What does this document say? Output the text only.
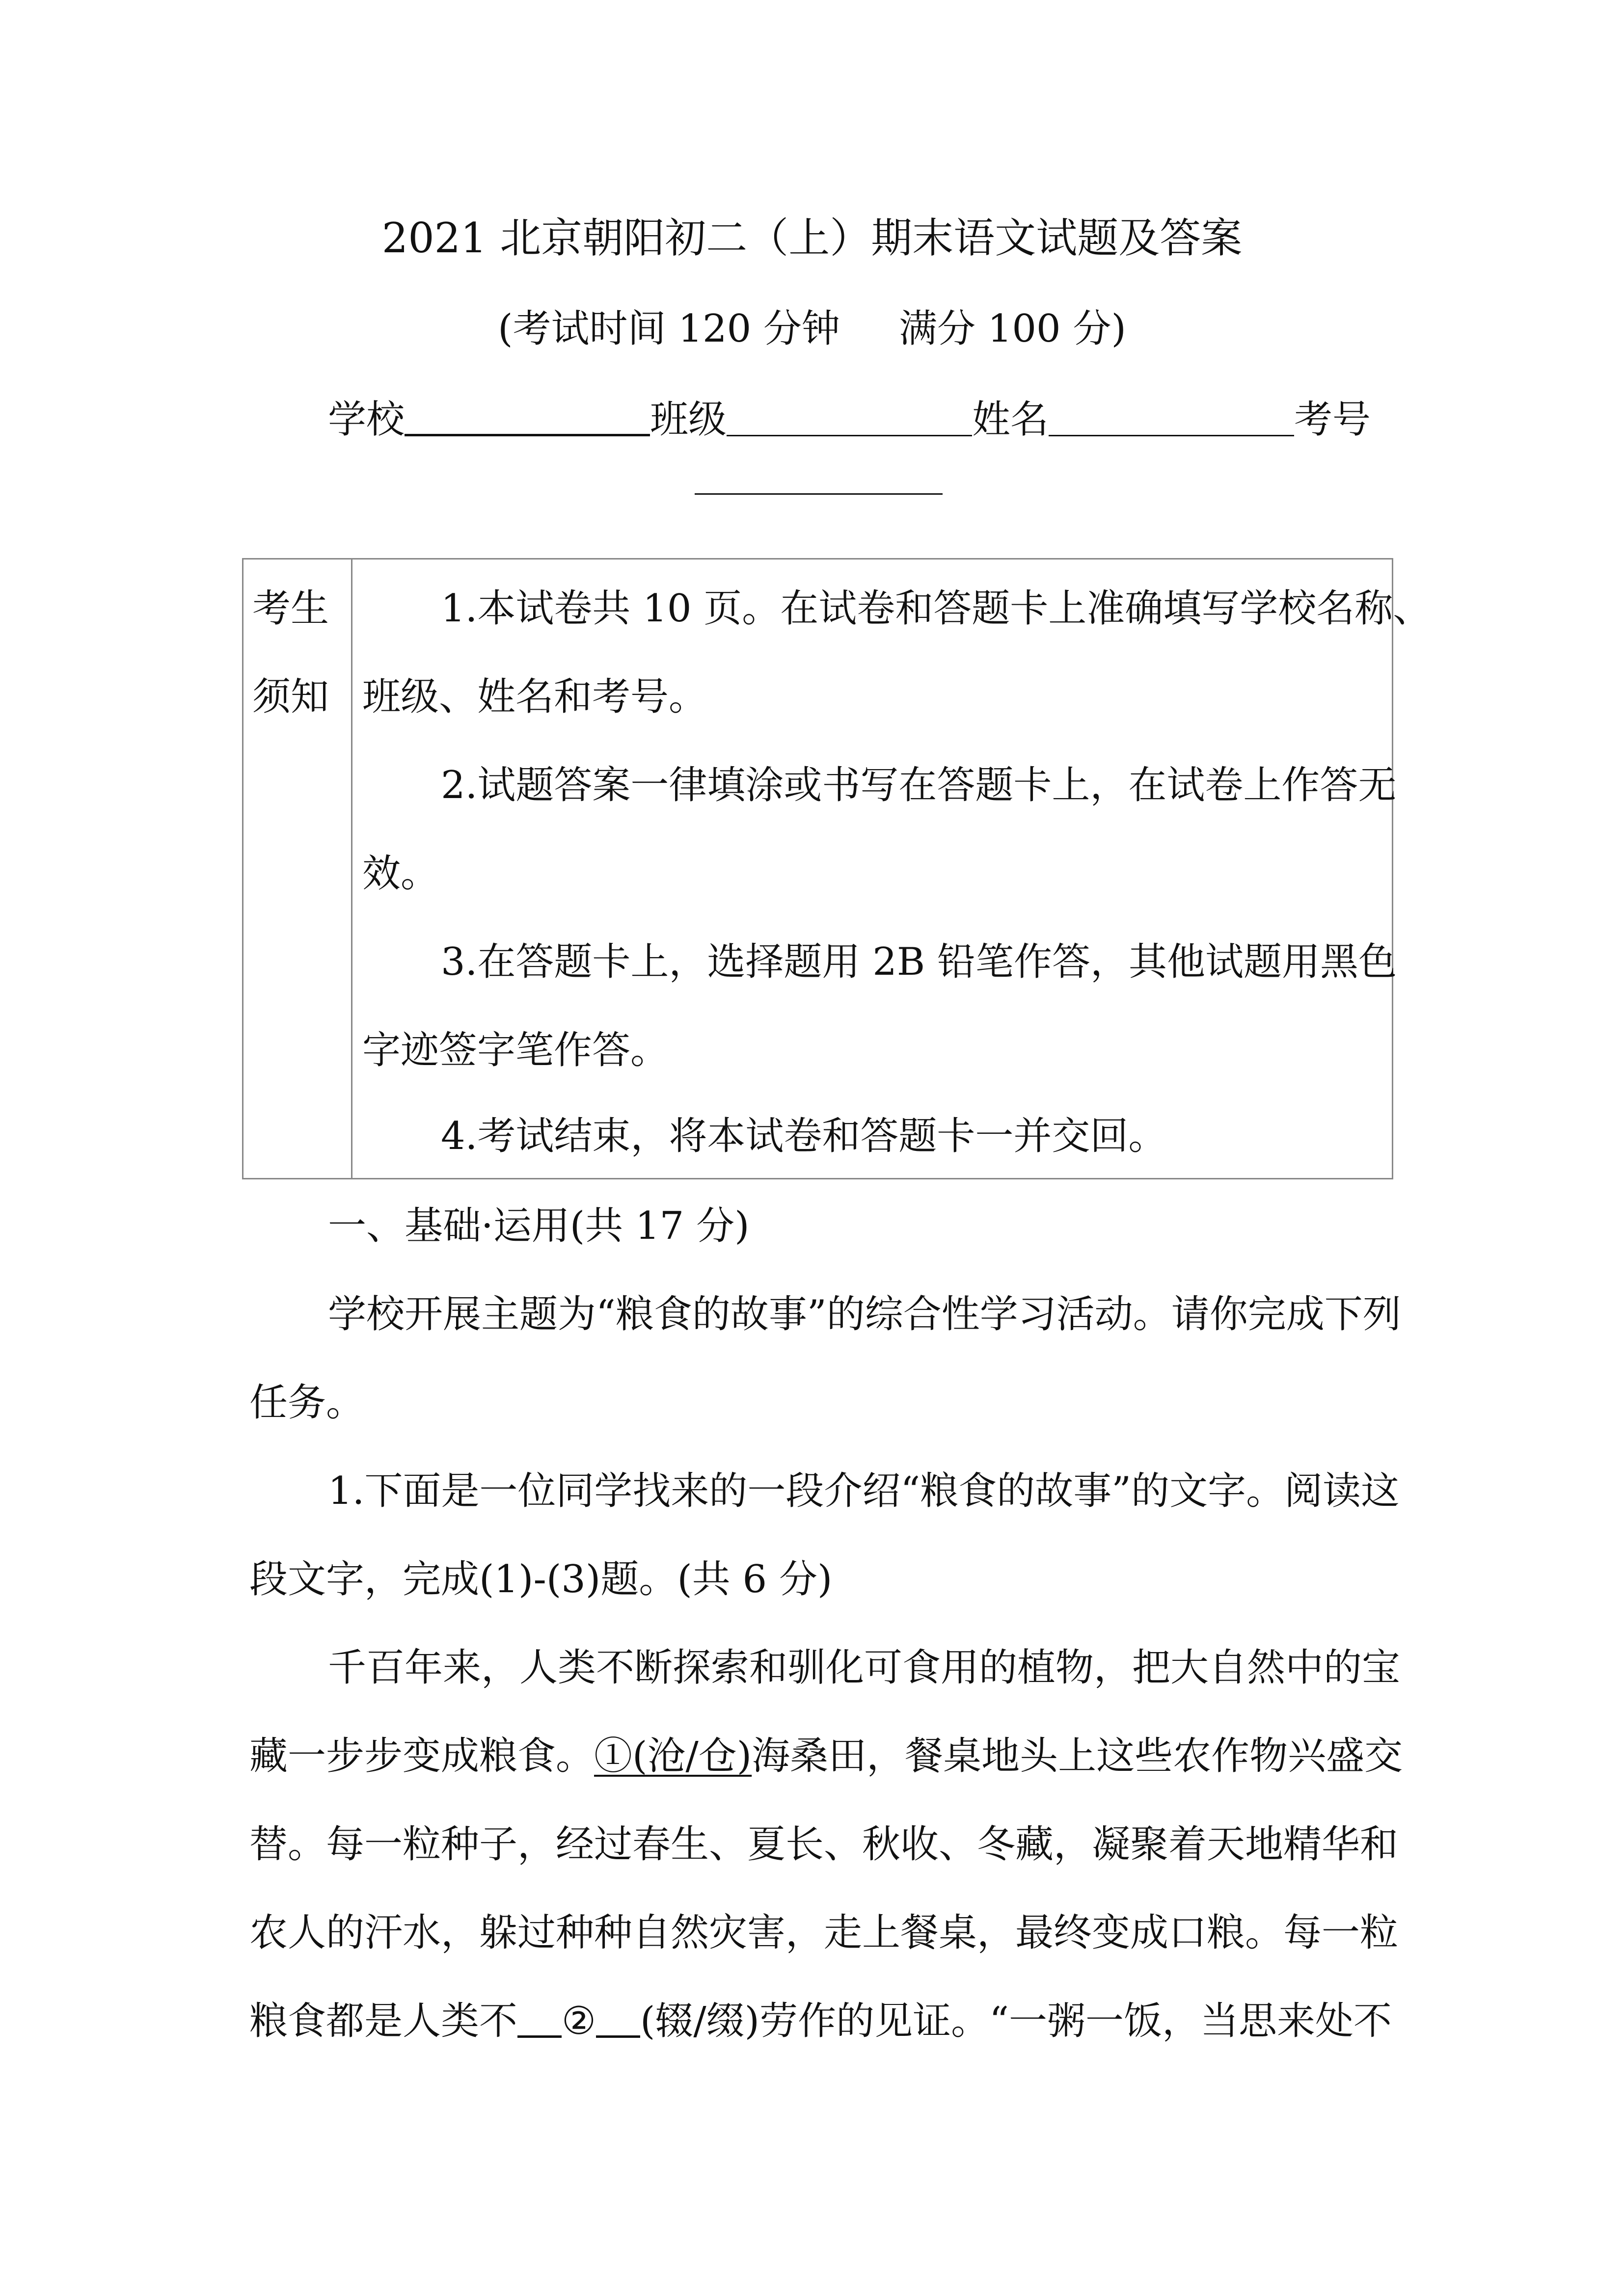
2021 北京朝阳初二（上）期末语文试题及答案
(考试时间 120 分钟 满分 100 分)
学校	班级	姓名	考号
考生
须知
1.本试卷共 10 页。在试卷和答题卡上准确填写学校名称、
班级、姓名和考号。
2.试题答案一律填涂或书写在答题卡上，在试卷上作答无
效。
3.在答题卡上，选择题用 2B 铅笔作答，其他试题用黑色
字迹签字笔作答。
4.考试结束，将本试卷和答题卡一并交回。
一、基础·运用(共 17 分)
学校开展主题为“粮食的故事”的综合性学习活动。请你完成下列
任务。
1.下面是一位同学找来的一段介绍“粮食的故事”的文字。阅读这
段文字，完成(1)-(3)题。(共 6 分)
千百年来，人类不断探索和驯化可食用的植物，把大自然中的宝
藏一步步变成粮食。①(沧/仓)海桑田，餐桌地头上这些农作物兴盛交
替。每一粒种子，经过春生、夏长、秋收、冬藏，凝聚着天地精华和
农人的汗水，躲过种种自然灾害，走上餐桌，最终变成口粮。每一粒
粮食都是人类不 ② (辍/缀)劳作的见证。“一粥一饭，当思来处不
